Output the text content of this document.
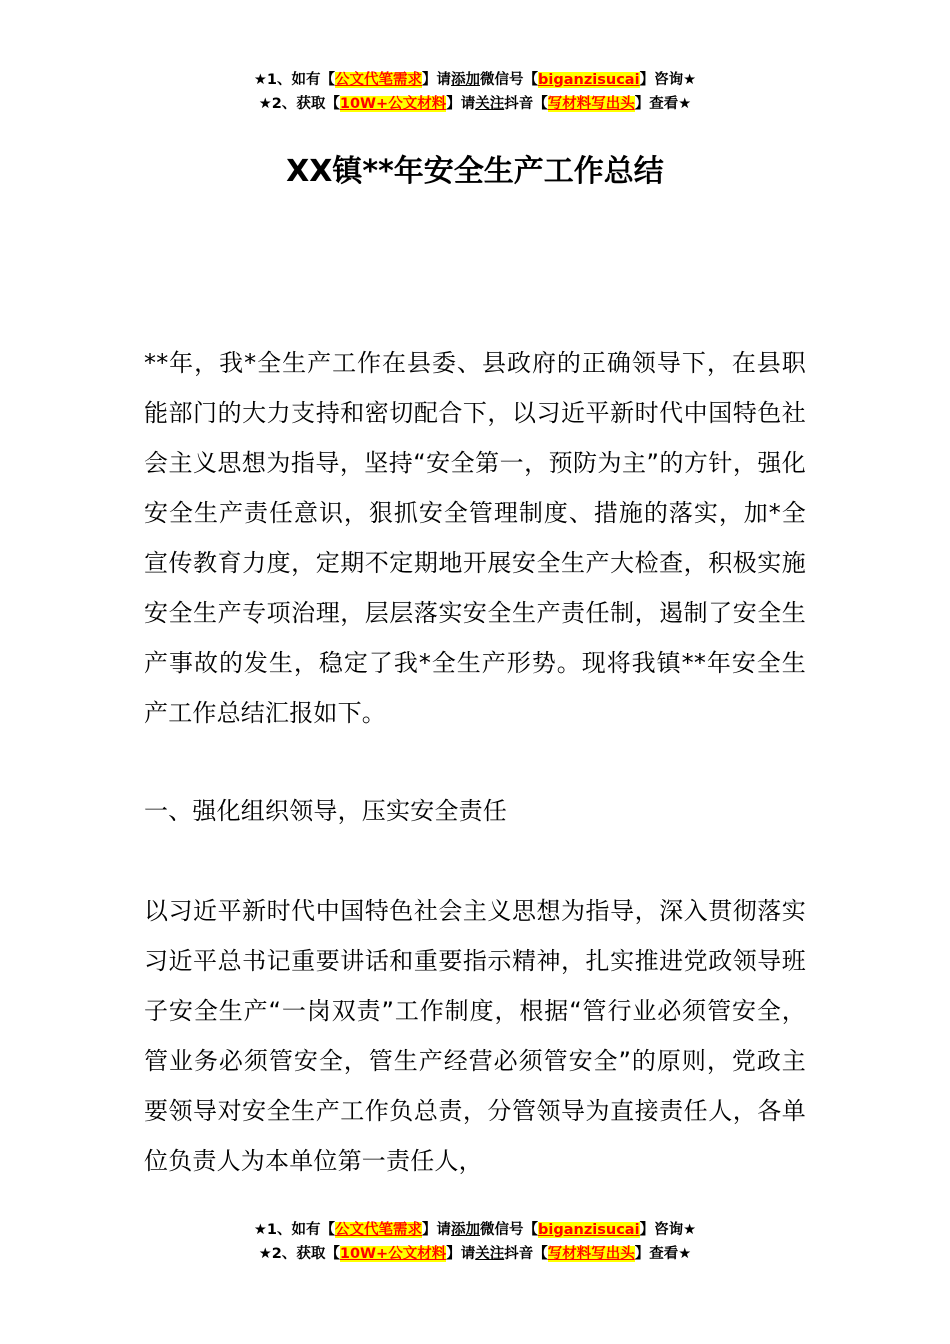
★1、如有【公文代笔需求】请添加微信号【biganzisucai】咨询★
★2、获取【10W+公文材料】请关注抖音【写材料写出头】查看★
XX镇**年安全生产工作总结

**年，我*全生产工作在县委、县政府的正确领导下，在县职能部门的大力支持和密切配合下，以习近平新时代中国特色社会主义思想为指导，坚持“安全第一，预防为主”的方针，强化安全生产责任意识，狠抓安全管理制度、措施的落实，加*全宣传教育力度，定期不定期地开展安全生产大检查，积极实施安全生产专项治理，层层落实安全生产责任制，遏制了安全生产事故的发生，稳定了我*全生产形势。现将我镇**年安全生产工作总结汇报如下。

一、强化组织领导，压实安全责任

以习近平新时代中国特色社会主义思想为指导，深入贯彻落实习近平总书记重要讲话和重要指示精神，扎实推进党政领导班子安全生产“一岗双责”工作制度，根据“管行业必须管安全，管业务必须管安全，管生产经营必须管安全”的原则，党政主要领导对安全生产工作负总责，分管领导为直接责任人，各单位负责人为本单位第一责任人，

★1、如有【公文代笔需求】请添加微信号【biganzisucai】咨询★
★2、获取【10W+公文材料】请关注抖音【写材料写出头】查看★
